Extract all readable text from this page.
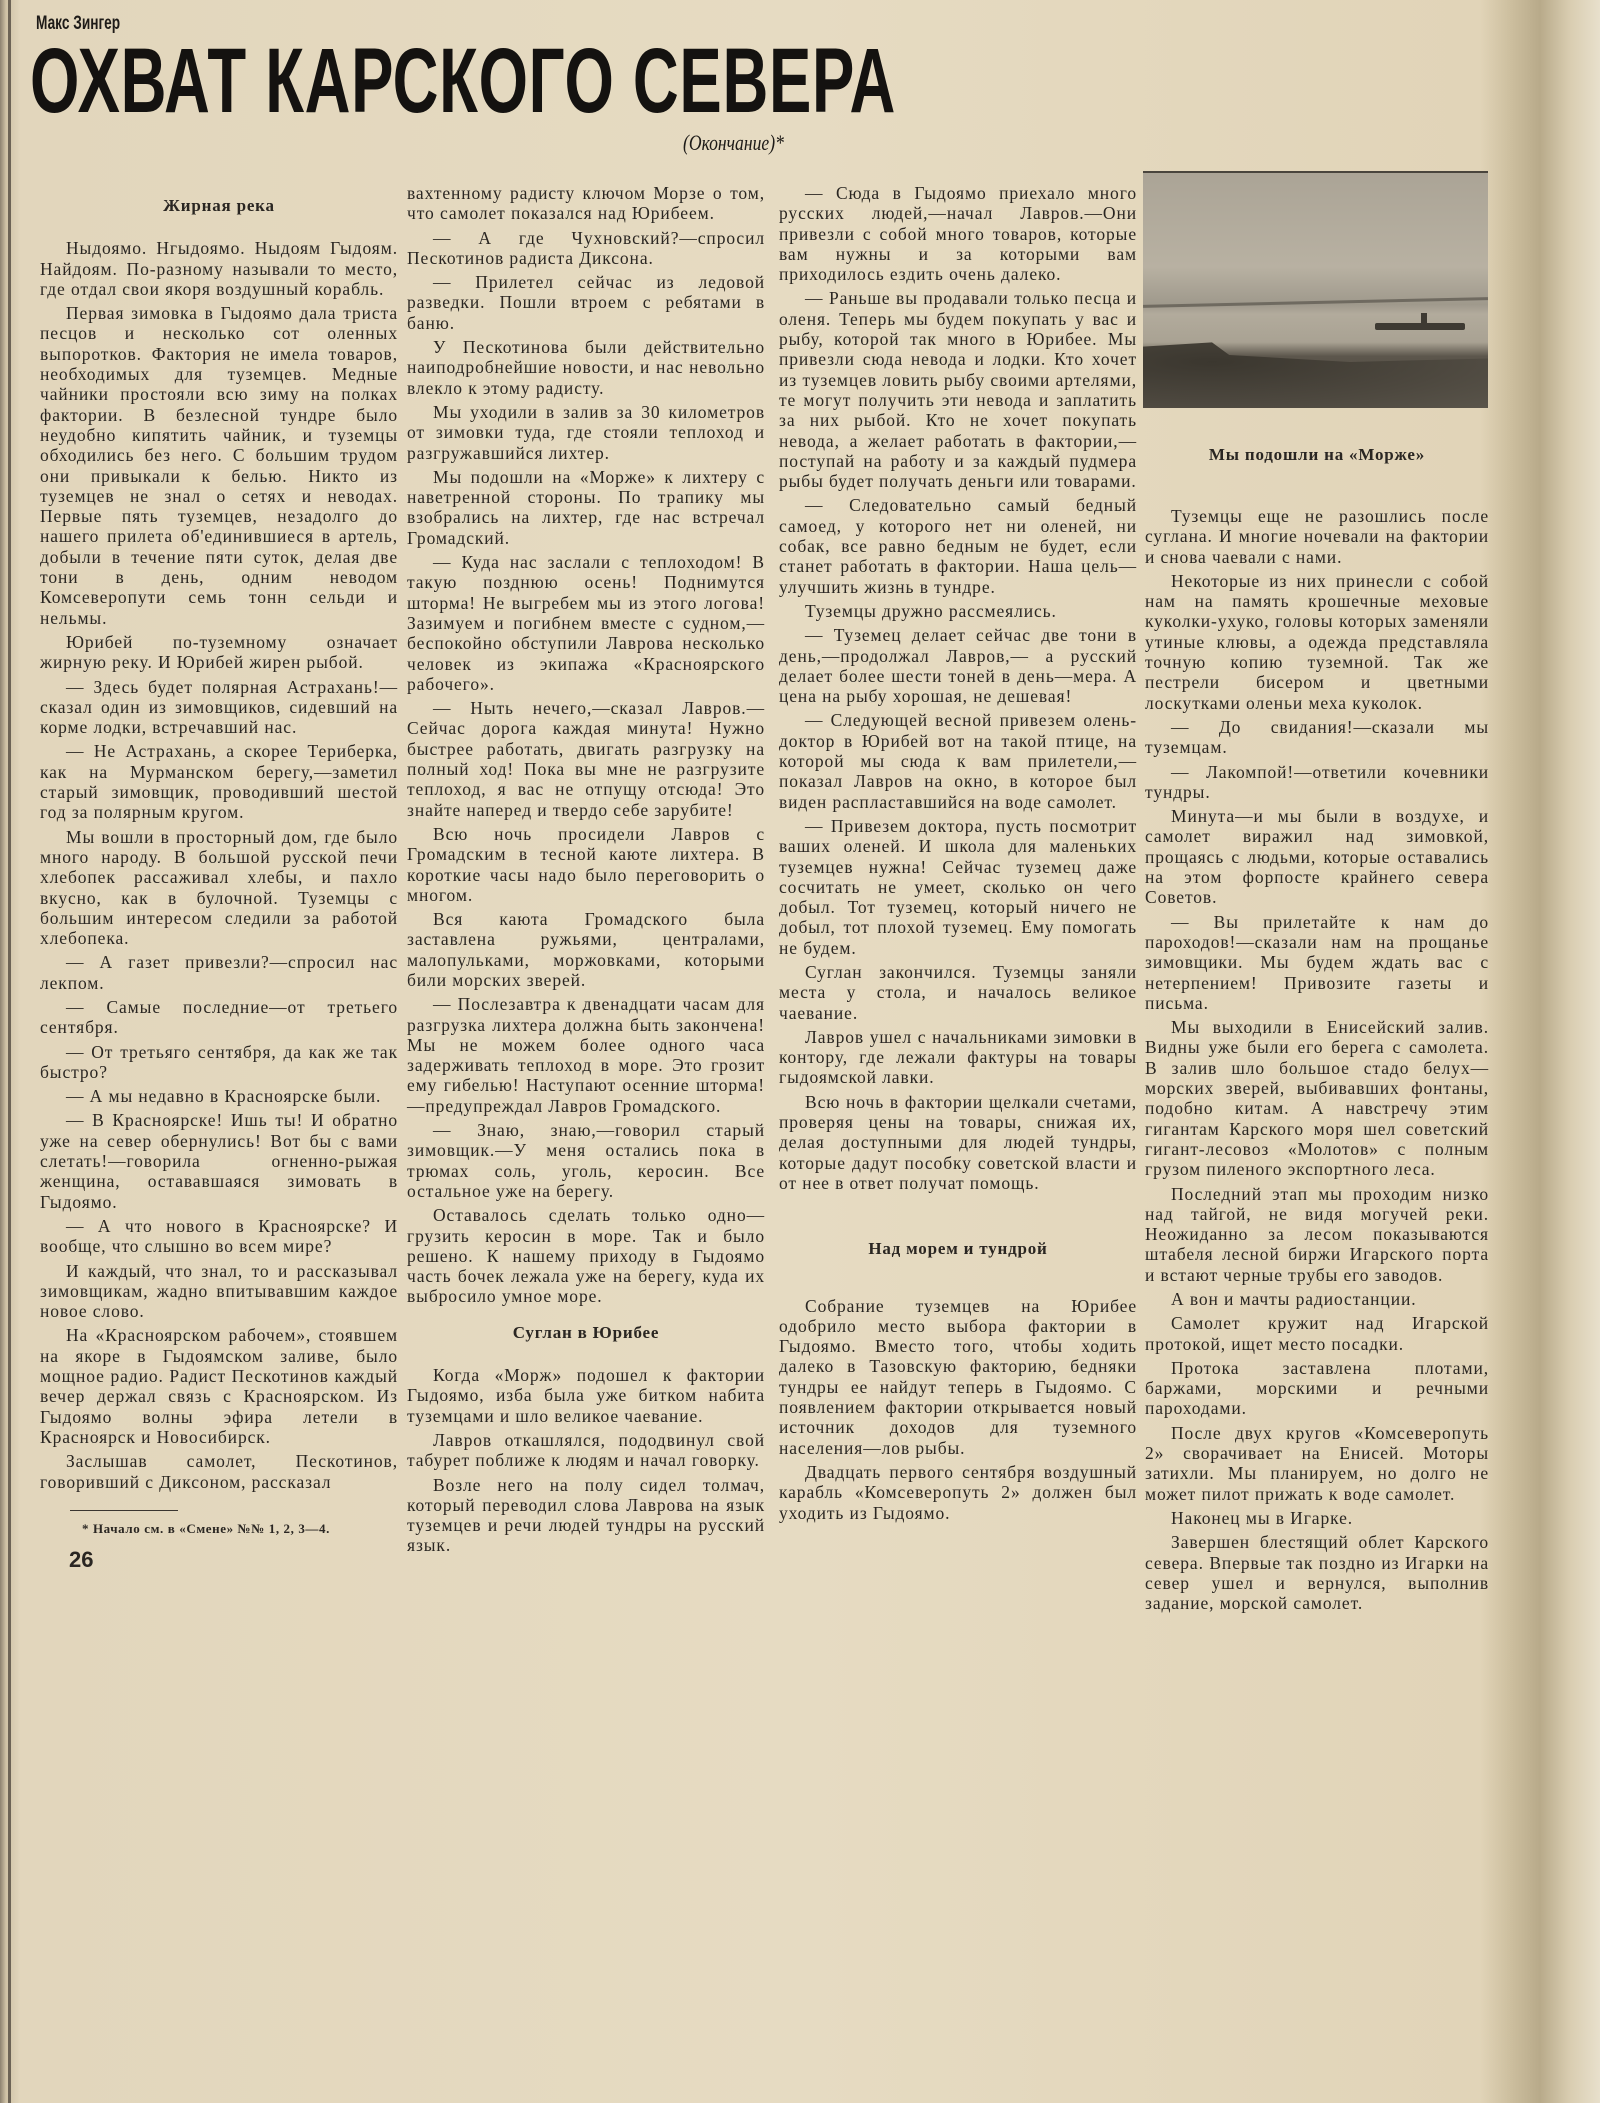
Макс Зингер
ОХВАТ КАРСКОГО СЕВЕРА
(Окончание)*
Жирная река

Ныдоямо. Нгыдоямо. Ныдоям Гыдоям. Найдоям. По-разному называли то место, где отдал свои якоря воздушный корабль.

Первая зимовка в Гыдоямо дала триста песцов и несколько сот оленных выпоротков. Фактория не имела товаров, необходимых для туземцев. Медные чайники простояли всю зиму на полках фактории. В безлесной тундре было неудобно кипятить чайник, и туземцы обходились без него. С большим трудом они привыкали к белью. Никто из туземцев не знал о сетях и неводах. Первые пять туземцев, незадолго до нашего прилета об'единившиеся в артель, добыли в течение пяти суток, делая две тони в день, одним неводом Комсеверопути семь тонн сельди и нельмы.

Юрибей по-туземному означает жирную реку. И Юрибей жирен рыбой.

— Здесь будет полярная Астрахань!—сказал один из зимовщиков, сидевший на корме лодки, встречавший нас.

— Не Астрахань, а скорее Териберка, как на Мурманском берегу,—заметил старый зимовщик, проводивший шестой год за полярным кругом.

Мы вошли в просторный дом, где было много народу. В большой русской печи хлебопек рассаживал хлебы, и пахло вкусно, как в булочной. Туземцы с большим интересом следили за работой хлебопека.

— А газет привезли?—спросил нас лекпом.

— Самые последние—от третьего сентября.

— От третьяго сентября, да как же так быстро?

— А мы недавно в Красноярске были.

— В Красноярске! Ишь ты! И обратно уже на север обернулись! Вот бы с вами слетать!—говорила огненно-рыжая женщина, остававшаяся зимовать в Гыдоямо.

— А что нового в Красноярске? И вообще, что слышно во всем мире?

И каждый, что знал, то и рассказывал зимовщикам, жадно впитывавшим каждое новое слово.

На «Красноярском рабочем», стоявшем на якоре в Гыдоямском заливе, было мощное радио. Радист Пескотинов каждый вечер держал связь с Красноярском. Из Гыдоямо волны эфира летели в Красноярск и Новосибирск.

Заслышав самолет, Пескотинов, говоривший с Диксоном, рассказал

* Начало см. в «Смене» №№ 1, 2, 3—4.
26

вахтенному радисту ключом Морзе о том, что самолет показался над Юрибеем.

— А где Чухновский?—спросил Пескотинов радиста Диксона.

— Прилетел сейчас из ледовой разведки. Пошли втроем с ребятами в баню.

У Пескотинова были действительно наиподробнейшие новости, и нас невольно влекло к этому радисту.

Мы уходили в залив за 30 километров от зимовки туда, где стояли теплоход и разгружавшийся лихтер.

Мы подошли на «Морже» к лихтеру с наветренной стороны. По трапику мы взобрались на лихтер, где нас встречал Громадский.

— Куда нас заслали с теплоходом! В такую позднюю осень! Поднимутся шторма! Не выгребем мы из этого логова! Зазимуем и погибнем вместе с судном,—беспокойно обступили Лаврова несколько человек из экипажа «Красноярского рабочего».

— Ныть нечего,—сказал Лавров.—Сейчас дорога каждая минута! Нужно быстрее работать, двигать разгрузку на полный ход! Пока вы мне не разгрузите теплоход, я вас не отпущу отсюда! Это знайте наперед и твердо себе зарубите!

Всю ночь просидели Лавров с Громадским в тесной каюте лихтера. В короткие часы надо было переговорить о многом.

Вся каюта Громадского была заставлена ружьями, централами, малопульками, моржовками, которыми били морских зверей.

— Послезавтра к двенадцати часам для разгрузка лихтера должна быть закончена! Мы не можем более одного часа задерживать теплоход в море. Это грозит ему гибелью! Наступают осенние шторма!—предупреждал Лавров Громадского.

— Знаю, знаю,—говорил старый зимовщик.—У меня остались пока в трюмах соль, уголь, керосин. Все остальное уже на берегу.

Оставалось сделать только одно—грузить керосин в море. Так и было решено. К нашему приходу в Гыдоямо часть бочек лежала уже на берегу, куда их выбросило умное море.

Суглан в Юрибее

Когда «Морж» подошел к фактории Гыдоямо, изба была уже битком набита туземцами и шло великое чаевание.

Лавров откашлялся, пододвинул свой табурет поближе к людям и начал говорку.

Возле него на полу сидел толмач, который переводил слова Лаврова на язык туземцев и речи людей тундры на русский язык.

— Сюда в Гыдоямо приехало много русских людей,—начал Лавров.—Они привезли с собой много товаров, которые вам нужны и за которыми вам приходилось ездить очень далеко.

— Раньше вы продавали только песца и оленя. Теперь мы будем покупать у вас и рыбу, которой так много в Юрибее. Мы привезли сюда невода и лодки. Кто хочет из туземцев ловить рыбу своими артелями, те могут получить эти невода и заплатить за них рыбой. Кто не хочет покупать невода, а желает работать в фактории,—поступай на работу и за каждый пудмера рыбы будет получать деньги или товарами.

— Следовательно самый бедный самоед, у которого нет ни оленей, ни собак, все равно бедным не будет, если станет работать в фактории. Наша цель—улучшить жизнь в тундре.

Туземцы дружно рассмеялись.

— Туземец делает сейчас две тони в день,—продолжал Лавров,— а русский делает более шести тоней в день—мера. А цена на рыбу хорошая, не дешевая!

— Следующей весной привезем олень-доктор в Юрибей вот на такой птице, на которой мы сюда к вам прилетели,—показал Лавров на окно, в которое был виден распластавшийся на воде самолет.

— Привезем доктора, пусть посмотрит ваших оленей. И школа для маленьких туземцев нужна! Сейчас туземец даже сосчитать не умеет, сколько он чего добыл. Тот туземец, который ничего не добыл, тот плохой туземец. Ему помогать не будем.

Суглан закончился. Туземцы заняли места у стола, и началось великое чаевание.

Лавров ушел с начальниками зимовки в контору, где лежали фактуры на товары гыдоямской лавки.

Всю ночь в фактории щелкали счетами, проверяя цены на товары, снижая их, делая доступными для людей тундры, которые дадут пособку советской власти и от нее в ответ получат помощь.

Над морем и тундрой

Собрание туземцев на Юрибее одобрило место выбора фактории в Гыдоямо. Вместо того, чтобы ходить далеко в Тазовскую факторию, бедняки тундры ее найдут теперь в Гыдоямо. С появлением фактории открывается новый источник доходов для туземного населения—лов рыбы.

Двадцать первого сентября воздушный карабль «Комсеверопуть 2» должен был уходить из Гыдоямо.

Мы подошли на «Морже»

Туземцы еще не разошлись после суглана. И многие ночевали на фактории и снова чаевали с нами.

Некоторые из них принесли с собой нам на память крошечные меховые куколки-ухуко, головы которых заменяли утиные клювы, а одежда представляла точную копию туземной. Так же пестрели бисером и цветными лоскутками оленьи меха куколок.

— До свидания!—сказали мы туземцам.

— Лакомпой!—ответили кочевники тундры.

Минута—и мы были в воздухе, и самолет виражил над зимовкой, прощаясь с людьми, которые оставались на этом форпосте крайнего севера Советов.

— Вы прилетайте к нам до пароходов!—сказали нам на прощанье зимовщики. Мы будем ждать вас с нетерпением! Привозите газеты и письма.

Мы выходили в Енисейский залив. Видны уже были его берега с самолета. В залив шло большое стадо белух—морских зверей, выбивавших фонтаны, подобно китам. А навстречу этим гигантам Карского моря шел советский гигант-лесовоз «Молотов» с полным грузом пиленого экспортного леса.

Последний этап мы проходим низко над тайгой, не видя могучей реки. Неожиданно за лесом показываются штабеля лесной биржи Игарского порта и встают черные трубы его заводов.

А вон и мачты радиостанции.

Самолет кружит над Игарской протокой, ищет место посадки.

Протока заставлена плотами, баржами, морскими и речными пароходами.

После двух кругов «Комсеверопуть 2» сворачивает на Енисей. Моторы затихли. Мы планируем, но долго не может пилот прижать к воде самолет.

Наконец мы в Игарке.

Завершен блестящий облет Карского севера. Впервые так поздно из Игарки на север ушел и вернулся, выполнив задание, морской самолет.
